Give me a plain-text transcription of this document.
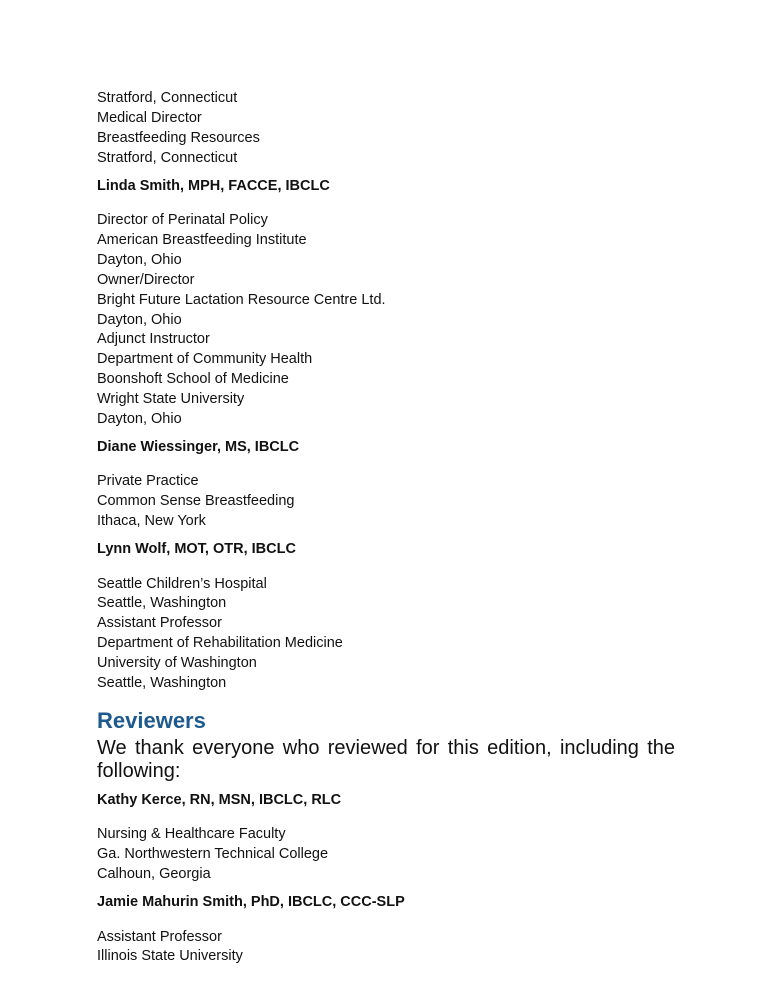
Stratford, Connecticut

Medical Director

Breastfeeding Resources

Stratford, Connecticut

Linda Smith, MPH, FACCE, IBCLC

Director of Perinatal Policy

American Breastfeeding Institute

Dayton, Ohio

Owner/Director

Bright Future Lactation Resource Centre Ltd.

Dayton, Ohio

Adjunct Instructor

Department of Community Health

Boonshoft School of Medicine

Wright State University

Dayton, Ohio

Diane Wiessinger, MS, IBCLC

Private Practice

Common Sense Breastfeeding

Ithaca, New York

Lynn Wolf, MOT, OTR, IBCLC

Seattle Children’s Hospital

Seattle, Washington

Assistant Professor

Department of Rehabilitation Medicine

University of Washington

Seattle, Washington

Reviewers

We thank everyone who reviewed for this edition, including the following:

Kathy Kerce, RN, MSN, IBCLC, RLC

Nursing & Healthcare Faculty

Ga. Northwestern Technical College

Calhoun, Georgia

Jamie Mahurin Smith, PhD, IBCLC, CCC-SLP

Assistant Professor

Illinois State University
